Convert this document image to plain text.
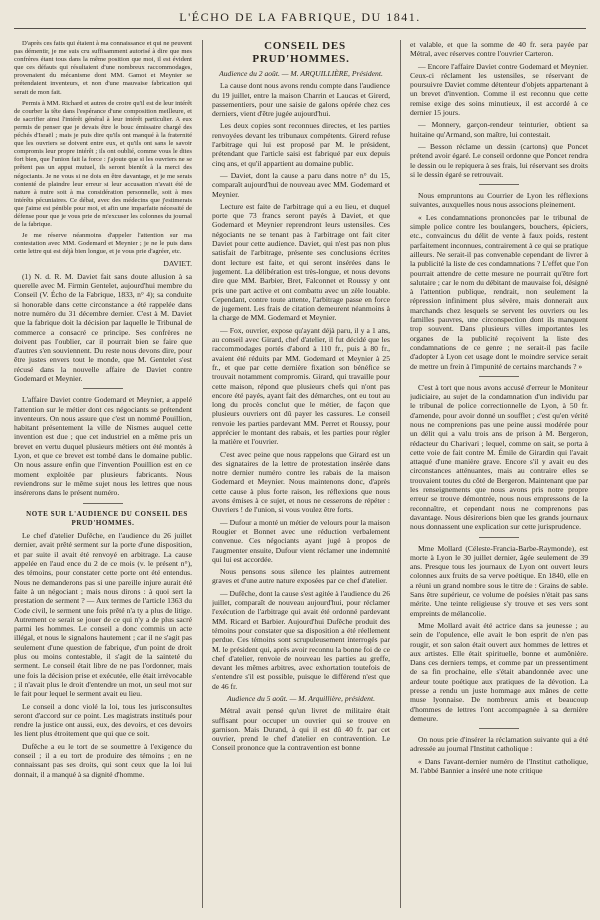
L'ÉCHO DE LA FABRIQUE, DU 1841.

D'après ces faits qui étaient à ma connaissance et qui ne peuvent pas démentir, je me suis cru suffisamment autorisé à dire que mes confrères étant tous dans la même position que moi, il est évident que ces défauts qui résultaient d'une nombreux raccommodages, provenaient du mécanisme dont MM. Gamot et Meynier se prétendaient inventeurs, et non d'une mauvaise fabrication qui serait de mon fait.

Permis à MM. Richard et autres de croire qu'il est de leur intérêt de courber la tête dans l'espérance d'une composition meilleure, et de sacrifier ainsi l'intérêt général à leur intérêt particulier. A eux permis de penser que je devais être le bouc émissaire chargé des péchés d'Israël ; mais je puis dire qu'ils ont manqué à la fraternité que les ouvriers se doivent entre eux, et qu'ils ont sans le savoir compromis leur propre intérêt ; ils ont oublié, comme vous le dites fort bien, que l'union fait la force : j'ajoute que si les ouvriers ne se prêtent pas un appui mutuel, ils seront bientôt à la merci des négociants. Je ne vous si ne dois en être davantage, et je me serais contenté de plaindre leur erreur si leur accusation n'avait été de nature à nuire soit à ma considération personnelle, soit à mes intérêts pécuniaires. Ce débat, avec des médecins que j'estimerais que j'aime est pénible pour moi, et afin une imparfaite nécessité de défense pour que je vous prie de m'excuser les colonnes du journal de la fabrique.

Je me réserve néanmoins d'appeler l'attention sur ma contestation avec MM. Godemard et Meynier ; je ne le puis dans cette lettre qui est déjà bien longue, et je vous prie d'agréer, etc.

DAVIET.

(1) N. d. R. M. Daviet fait sans doute allusion à sa querelle avec M. Firmin Gentelet, aujourd'hui membre du Conseil (V. Écho de la Fabrique, 1833, n° 4); sa conduite si honorable dans cette circonstance a été rappelée dans notre numéro du 31 décembre dernier. C'est à M. Daviet que la fabrique doit la décision par laquelle le Tribunal de commerce a consacré ce principe. Ses confrères ne doivent pas l'oublier, car il pourrait bien se faire que d'autres s'en souviennent. Du reste nous devons dire, pour être justes envers tout le monde, que M. Gentelet s'est récusé dans la nouvelle affaire de Daviet contre Godemard et Meynier.

L'affaire Daviet contre Godemard et Meynier, a appelé l'attention sur le métier dont ces négociants se prétendent inventeurs. On nous assure que c'est un nommé Pouillion, habitant présentement la ville de Nismes auquel cette invention est due ; que cet industriel en a même pris un brevet en vertu duquel plusieurs métiers ont été montés à Lyon, et que ce brevet est tombé dans le domaine public. On nous assure enfin que l'invention Pouillion est en ce moment exploitée par plusieurs fabricants. Nous reviendrons sur le même sujet nous les lettres que nous insérerons dans le présent numéro.

NOTE SUR L'AUDIENCE DU CONSEIL DES PRUD'HOMMES.

Le chef d'atelier Dufêche, en l'audience du 26 juillet dernier, avait prêté serment sur la porte d'une disposition, et par suite il avait été renvoyé en arbitrage. La cause appelée en l'aud ence du 2 de ce mois (v. le présent n°), des témoins, pour constater cette porte ont été entendus. Nous ne demanderons pas si une pareille injure aurait été faite à un négociant ; mais nous dirons : à quoi sert la prestation de serment ? — Aux termes de l'article 1363 du Code civil, le serment une fois prêté n'a ty a plus de litige. Autrement ce serait se jouer de ce qui n'y a de plus sacré parmi les hommes. Le conseil a donc commis un acte illégal, et nous le signalons hautement ; car il ne s'agit pas seulement d'une question de fabrique, d'un point de droit plus ou moins contestable, il s'agit de la sainteté du serment. Le conseil était libre de ne pas l'ordonner, mais une fois la décision prise et exécutée, elle était irrévocable ; il n'avait plus le droit d'entendre un mot, un seul mot sur le fait pour lequel le serment avait eu lieu.

Le conseil a donc violé la loi, tous les jurisconsultes seront d'accord sur ce point. Les magistrats institués pour rendre la justice ont aussi, eux, des devoirs, et ces devoirs les lient plus étroitement que qui que ce soit.

Dufêche a eu le tort de se soumettre à l'exigence du conseil ; il a eu tort de produire des témoins ; en ne connaissant pas ses droits, qui sont ceux que la loi lui donnait, il a manqué à sa dignité d'homme.

CONSEIL DES PRUD'HOMMES.

Audience du 2 août. — M. ARQUILLIÈRE, Président.

La cause dont nous avons rendu compte dans l'audience du 19 juillet, entre la maison Charrin et Laucas et Girerd, passementiers, pour une saisie de galons opérée chez ces derniers, vient d'être jugée aujourd'hui.

Les deux copies sont reconnues directes, et les parties renvoyées devant les tribunaux compétents. Girerd refuse l'arbitrage qui lui est proposé par M. le président, prétendant que l'article saisi est fabriqué par eux depuis cinq ans, et qu'il appartient au domaine public.

— Daviet, dont la cause a paru dans notre n° du 15, comparaît aujourd'hui de nouveau avec MM. Godemard et Meynier.

Lecture est faite de l'arbitrage qui a eu lieu, et duquel porte que 73 francs seront payés à Daviet, et que Godemard et Meynier reprendront leurs ustensiles. Ces négociants ne se tenant pas à l'arbitrage ont fait citer Daviet pour cette audience. Daviet, qui n'est pas non plus satisfait de l'arbitrage, présente ses conclusions écrites dont lecture est faite, et qui seront insérées dans le jugement. La délibération est très-longue, et nous devons dire que MM. Barbier, Bret, Falconnet et Roussy y ont pris une part active et ont combattu avec un zèle louable. Cependant, contre toute attente, l'arbitrage passe en force de jugement. Les frais de citation demeurent néanmoins à la charge de MM. Godemard et Meynier.

— Fox, ouvrier, expose qu'ayant déjà paru, il y a 1 ans, au conseil avec Girard, chef d'atelier, il fut décidé que les raccommodages portés d'abord à 110 fr., puis à 80 fr., avaient été réduits par MM. Godemard et Meynier à 25 fr., et que par cette dernière fixation son bénéfice se trouvait notamment compromis. Girard, qui travaille pour cette maison, répond que plusieurs chefs qui n'ont pas encore été payés, ayant fait des démarches, ont eu tout au long du procès conclut que le métier, de façon que plusieurs ouvriers ont dû payer les cassures. Le conseil renvoie les parties pardevant MM. Perret et Roussy, pour apprécier le montant des rabais, et les parties pour régler la matière et l'ouvrier.

C'est avec peine que nous rappelons que Girard est un des signataires de la lettre de protestation insérée dans notre dernier numéro contre les rabais de la maison Godemard et Meynier. Nous maintenons donc, d'après cette cause à plus forte raison, les réflexions que nous avons émises à ce sujet, et nous ne cesserons de répéter : Ouvriers ! de l'union, si vous voulez être forts.

— Dufour a monté un métier de velours pour la maison Rougier et Bonnet avec une réduction verbalement convenue. Ces négociants ayant jugé à propos de l'augmenter ensuite, Dufour vient réclamer une indemnité qui lui est accordée.

Nous pensons sous silence les plaintes autrement graves et d'une autre nature exposées par ce chef d'atelier.

— Dufêche, dont la cause s'est agitée à l'audience du 26 juillet, comparaît de nouveau aujourd'hui, pour réclamer l'exécution de l'arbitrage qui avait été ordonné pardevant MM. Ricard et Barbier. Aujourd'hui Dufêche produit des témoins pour constater que sa disposition a été réellement perdue. Ces témoins sont scrupuleusement interrogés par M. le président qui, après avoir reconnu la bonne foi de ce chef d'atelier, renvoie de nouveau les parties au greffe, devant les mêmes arbitres, avec exhortation toutefois de s'entendre s'il est possible, puisque le différend n'est que de 46 fr.

Audience du 5 août. — M. Arquillière, président.

Métral avait pensé qu'un livret de militaire était suffisant pour occuper un ouvrier qui se trouve en garnison. Mais Durand, à qui il est dû 40 fr. par cet ouvrier, prend le chef d'atelier en contravention. Le Conseil prononce que la contravention est bonne

et valable, et que la somme de 40 fr. sera payée par Métral, avec réserves contre l'ouvrier Carteron.

— Encore l'affaire Daviet contre Godemard et Meynier. Ceux-ci réclament les ustensiles, se réservant de poursuivre Daviet comme détenteur d'objets appartenant à un brevet d'invention. Comme il est reconnu que cette remise exige des soins minutieux, il est accordé à ce dernier 15 jours.

— Monnery, garçon-rendeur teinturier, obtient sa huitaine qu'Armand, son maître, lui contestait.

— Besson réclame un dessin (cartons) que Poncet prétend avoir égaré. Le conseil ordonne que Poncet rendra le dessin ou le repiquera à ses frais, lui réservant ses droits si le dessin égaré se retrouvait.

Nous empruntons au Courrier de Lyon les réflexions suivantes, auxquelles nous nous associons pleinement.

« Les condamnations prononcées par le tribunal de simple police contre les boulangers, bouchers, épiciers, etc., convaincus du délit de vente à faux poids, restent parfaitement inconnues, contrairement à ce qui se pratique ailleurs. Ne serait-il pas convenable cependant de livrer à la publicité la liste de ces condamnations ? L'effet que l'on pourrait attendre de cette mesure ne pourrait qu'être fort salutaire ; car le nom du débitant de mauvaise foi, désigné à l'attention publique, rendrait, non seulement la répression infiniment plus sévère, mais donnerait aux marchands chez lesquels se servent les ouvriers ou les familles pauvres, une circonspection dont ils manquent trop souvent. Dans plusieurs villes importantes les organes de la publicité reçoivent la liste des condamnations de ce genre ; ne serait-il pas facile d'adopter à Lyon cet usage dont le moindre service serait de mettre un frein à l'impunité de certains marchands ? »

C'est à tort que nous avons accusé d'erreur le Moniteur judiciaire, au sujet de la condamnation d'un individu par le tribunal de police correctionnelle de Lyon, à 50 fr. d'amende, pour avoir donné un soufflet ; c'est qu'en vérité nous ne comprenions pas une peine aussi modérée pour un délit qui a valu trois ans de prison à M. Bergeron, rédacteur du Charivari ; lequel, comme on sait, se porta à cette voie de fait contre M. Émile de Girardin qui l'avait attaqué d'une manière grave. Encore s'il y avait eu des circonstances atténuantes, mais au contraire elles se trouvaient toutes du côté de Bergeron. Maintenant que par les renseignements que nous avons pris notre propre erreur se trouve démontrée, nous nous empressons de la reconnaître, et cependant nous ne comprenons pas davantage. Nous désirerions bien que les grands journaux nous donnassent une explication sur cette jurisprudence.

Mme Mollard (Céleste-Francia-Barbe-Raymonde), est morte à Lyon le 30 juillet dernier, âgée seulement de 39 ans. Presque tous les journaux de Lyon ont ouvert leurs colonnes aux fruits de sa verve poétique. En 1840, elle en a réuni un grand nombre sous le titre de : Grains de sable. Sans être supérieur, ce volume de poésies n'était pas sans mérite. Une teinte religieuse s'y trouve et ses vers sont empreints de mélancolie.

Mme Mollard avait été actrice dans sa jeunesse ; au sein de l'opulence, elle avait le bon esprit de n'en pas rougir, et son salon était ouvert aux hommes de lettres et aux artistes. Elle était spirituelle, bonne et aumônière. Dans ces derniers temps, et comme par un pressentiment de sa fin prochaine, elle s'était abandonnée avec une ardeur toute poétique aux pratiques de la dévotion. La presse a rendu un juste hommage aux mânes de cette muse lyonnaise. De nombreux amis et beaucoup d'hommes de lettres l'ont accompagnée à sa dernière demeure.

On nous prie d'insérer la réclamation suivante qui a été adressée au journal l'Institut catholique :

« Dans l'avant-dernier numéro de l'Institut catholique, M. l'abbé Bannier a inséré une note critique
